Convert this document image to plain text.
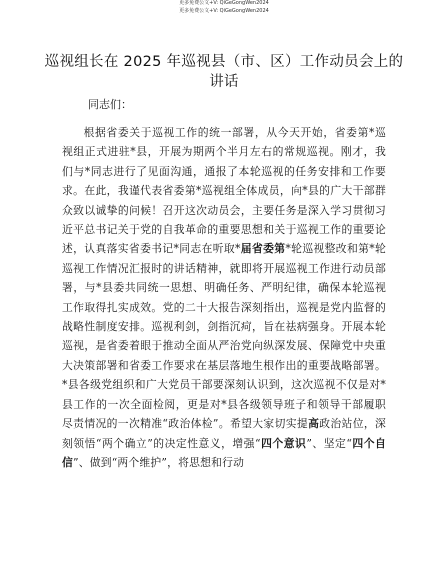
更多免费公文+V: QiGeGongWen2024
更多免费公文+V: QiGeGongWen2024
巡视组长在 2025 年巡视县（市、区）工作动员会上的讲话
同志们：

根据省委关于巡视工作的统一部署，从今天开始，省委第*巡视组正式进驻*县，开展为期两个半月左右的常规巡视。刚才，我们与*同志进行了见面沟通，通报了本轮巡视的任务安排和工作要求。在此，我谨代表省委第*巡视组全体成员，向*县的广大干部群众致以诚挚的问候！召开这次动员会，主要任务是深入学习贯彻习近平总书记关于党的自我革命的重要思想和关于巡视工作的重要论述，认真落实省委书记*同志在听取*届省委第*轮巡视整改和第*轮巡视工作情况汇报时的讲话精神，就即将开展巡视工作进行动员部署，与*县委共同统一思想、明确任务、严明纪律，确保本轮巡视工作取得扎实成效。党的二十大报告深刻指出，巡视是党内监督的战略性制度安排。巡视利剑，剑指沉疴，旨在祛病强身。开展本轮巡视，是省委着眼于推动全面从严治党向纵深发展、保障党中央重大决策部署和省委工作要求在基层落地生根作出的重要战略部署。*县各级党组织和广大党员干部要深刻认识到，这次巡视不仅是对*县工作的一次全面检阅，更是对*县各级领导班子和领导干部履职尽责情况的一次精准“政治体检”。希望大家切实提高政治站位，深刻领悟“两个确立”的决定性意义，增强“四个意识”、坚定“四个自信”、做到“两个维护”，将思想和行动
